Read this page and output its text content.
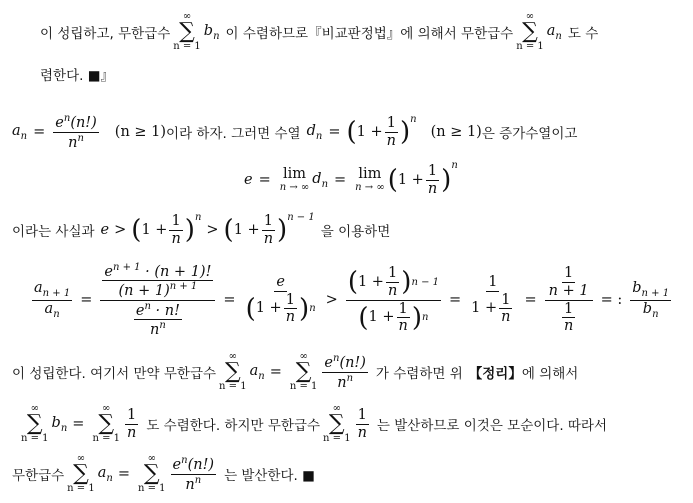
이 성립하고, 무한급수
∞
∑
n = 1
$b_n$ 이 수렴하므로『비교판정법』에 의해서 무한급수
∞
∑
n = 1
$a_n$ 도 수
렴한다. ■』
$a_n = \frac{e^n(n!)}{n^n} (n \ge 1)$ 이라 하자. 그러면 수열 $d_n$ = ( $1 + \frac{1}{n} )^n$
(n ≥ 1) 은 증가수열이고
e = lim
n → ∞
$d_n = \lim$
n → ∞ ( $1 + \frac{1}{n} )^n$
이라는 사실과 e > ( $1 + \frac{1}{n} )^n$
> ( $1 + \frac{1}{n} )^{n - 1}$
을 이용하면
$\frac{a_{n + 1}}{a_n} = \frac{\frac{e^{n + 1} \cdot (n + 1)!}{(n + 1)^{n + 1}}}{\frac{e^n \cdot n!}{n^n}} = \frac{e}{( 1 + \frac{1}{n} ) n} > \frac{( 1 + \frac{1}{n} ) n - 1}{( 1 + \frac{1}{n} ) n} = \frac{1}{1 + \frac{1}{n}} = \frac{\frac{1}{n + 1}}{\frac{1}{n}}$ = : $\frac{b_{n + 1}}{b_n}$
이 성립한다. 여기서 만약 무한급수
∞
∑
n = 1
$a_n$ =
∞
∑
$n = 1 \frac{e^n(n!)}{n^n}$ 가 수렴하면 위 【정리】 에 의해서
∞
∑
n = 1
$b_n$ =
∞
∑
$n = 1 \frac{1}{n}$ 도 수렴한다. 하지만 무한급수
∞
∑
$n = 1 \frac{1}{n}$ 는 발산하므로 이것은 모순이다. 따라서
무한급수
∞
∑
n = 1
$a_n$ =
∞
∑
$n = 1 \frac{e^n(n!)}{n^n}$ 는 발산한다. ■
